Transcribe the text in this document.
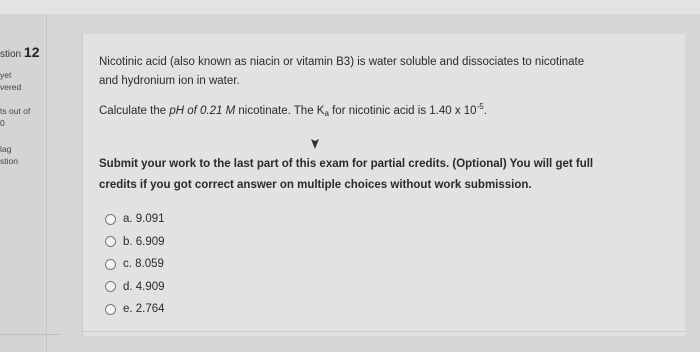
stion 12
yet
vered
ts out of
0
lag
stion
Nicotinic acid (also known as niacin or vitamin B3) is water soluble and dissociates to nicotinate
and hydronium ion in water.
Calculate the pH of 0.21 M nicotinate. The $K_a$ for nicotinic acid is 1.40 x $10^{-5}$.
Submit your work to the last part of this exam for partial credits. (Optional) You will get full
credits if you got correct answer on multiple choices without work submission.
a. 9.091
b. 6.909
c. 8.059
d. 4.909
e. 2.764
